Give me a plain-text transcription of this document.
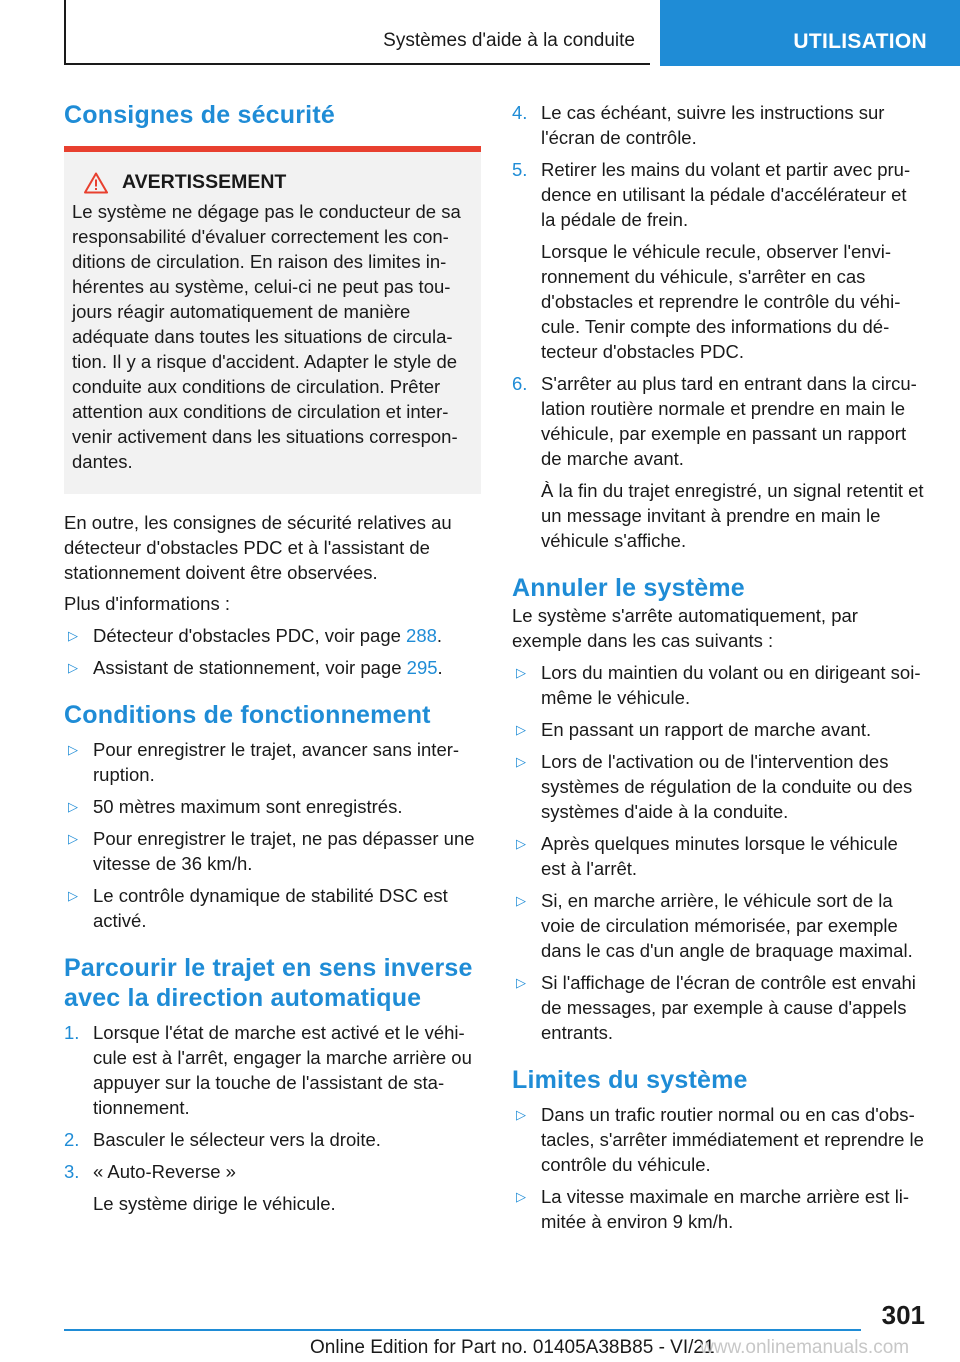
Systèmes d'aide à la conduite	UTILISATION
Consignes de sécurité
AVERTISSEMENT

Le système ne dégage pas le conducteur de sa responsabilité d'évaluer correctement les conditions de circulation. En raison des limites inhérentes au système, celui-ci ne peut pas toujours réagir automatiquement de manière adéquate dans toutes les situations de circulation. Il y a risque d'accident. Adapter le style de conduite aux conditions de circulation. Prêter attention aux conditions de circulation et intervenir activement dans les situations correspondantes.

En outre, les consignes de sécurité relatives au détecteur d'obstacles PDC et à l'assistant de stationnement doivent être observées.

Plus d'informations :

▷ Détecteur d'obstacles PDC, voir page 288.
▷ Assistant de stationnement, voir page 295.
Conditions de fonctionnement
▷ Pour enregistrer le trajet, avancer sans interruption.
▷ 50 mètres maximum sont enregistrés.
▷ Pour enregistrer le trajet, ne pas dépasser une vitesse de 36 km/h.
▷ Le contrôle dynamique de stabilité DSC est activé.
Parcourir le trajet en sens inverse avec la direction automatique
1. Lorsque l'état de marche est activé et le véhicule est à l'arrêt, engager la marche arrière ou appuyer sur la touche de l'assistant de stationnement.
2. Basculer le sélecteur vers la droite.
3. « Auto-Reverse »

Le système dirige le véhicule.

4. Le cas échéant, suivre les instructions sur l'écran de contrôle.
5. Retirer les mains du volant et partir avec prudence en utilisant la pédale d'accélérateur et la pédale de frein.

Lorsque le véhicule recule, observer l'environnement du véhicule, s'arrêter en cas d'obstacles et reprendre le contrôle du véhicule. Tenir compte des informations du détecteur d'obstacles PDC.

6. S'arrêter au plus tard en entrant dans la circulation routière normale et prendre en main le véhicule, par exemple en passant un rapport de marche avant.

À la fin du trajet enregistré, un signal retentit et un message invitant à prendre en main le véhicule s'affiche.

Annuler le système

Le système s'arrête automatiquement, par exemple dans les cas suivants :

▷ Lors du maintien du volant ou en dirigeant soi-même le véhicule.
▷ En passant un rapport de marche avant.
▷ Lors de l'activation ou de l'intervention des systèmes de régulation de la conduite ou des systèmes d'aide à la conduite.
▷ Après quelques minutes lorsque le véhicule est à l'arrêt.
▷ Si, en marche arrière, le véhicule sort de la voie de circulation mémorisée, par exemple dans le cas d'un angle de braquage maximal.
▷ Si l'affichage de l'écran de contrôle est envahi de messages, par exemple à cause d'appels entrants.
Limites du système
▷ Dans un trafic routier normal ou en cas d'obstacles, s'arrêter immédiatement et reprendre le contrôle du véhicule.
▷ La vitesse maximale en marche arrière est limitée à environ 9 km/h.
301
Online Edition for Part no. 01405A38B85 - VI/21
www.onlinemanuals.com
